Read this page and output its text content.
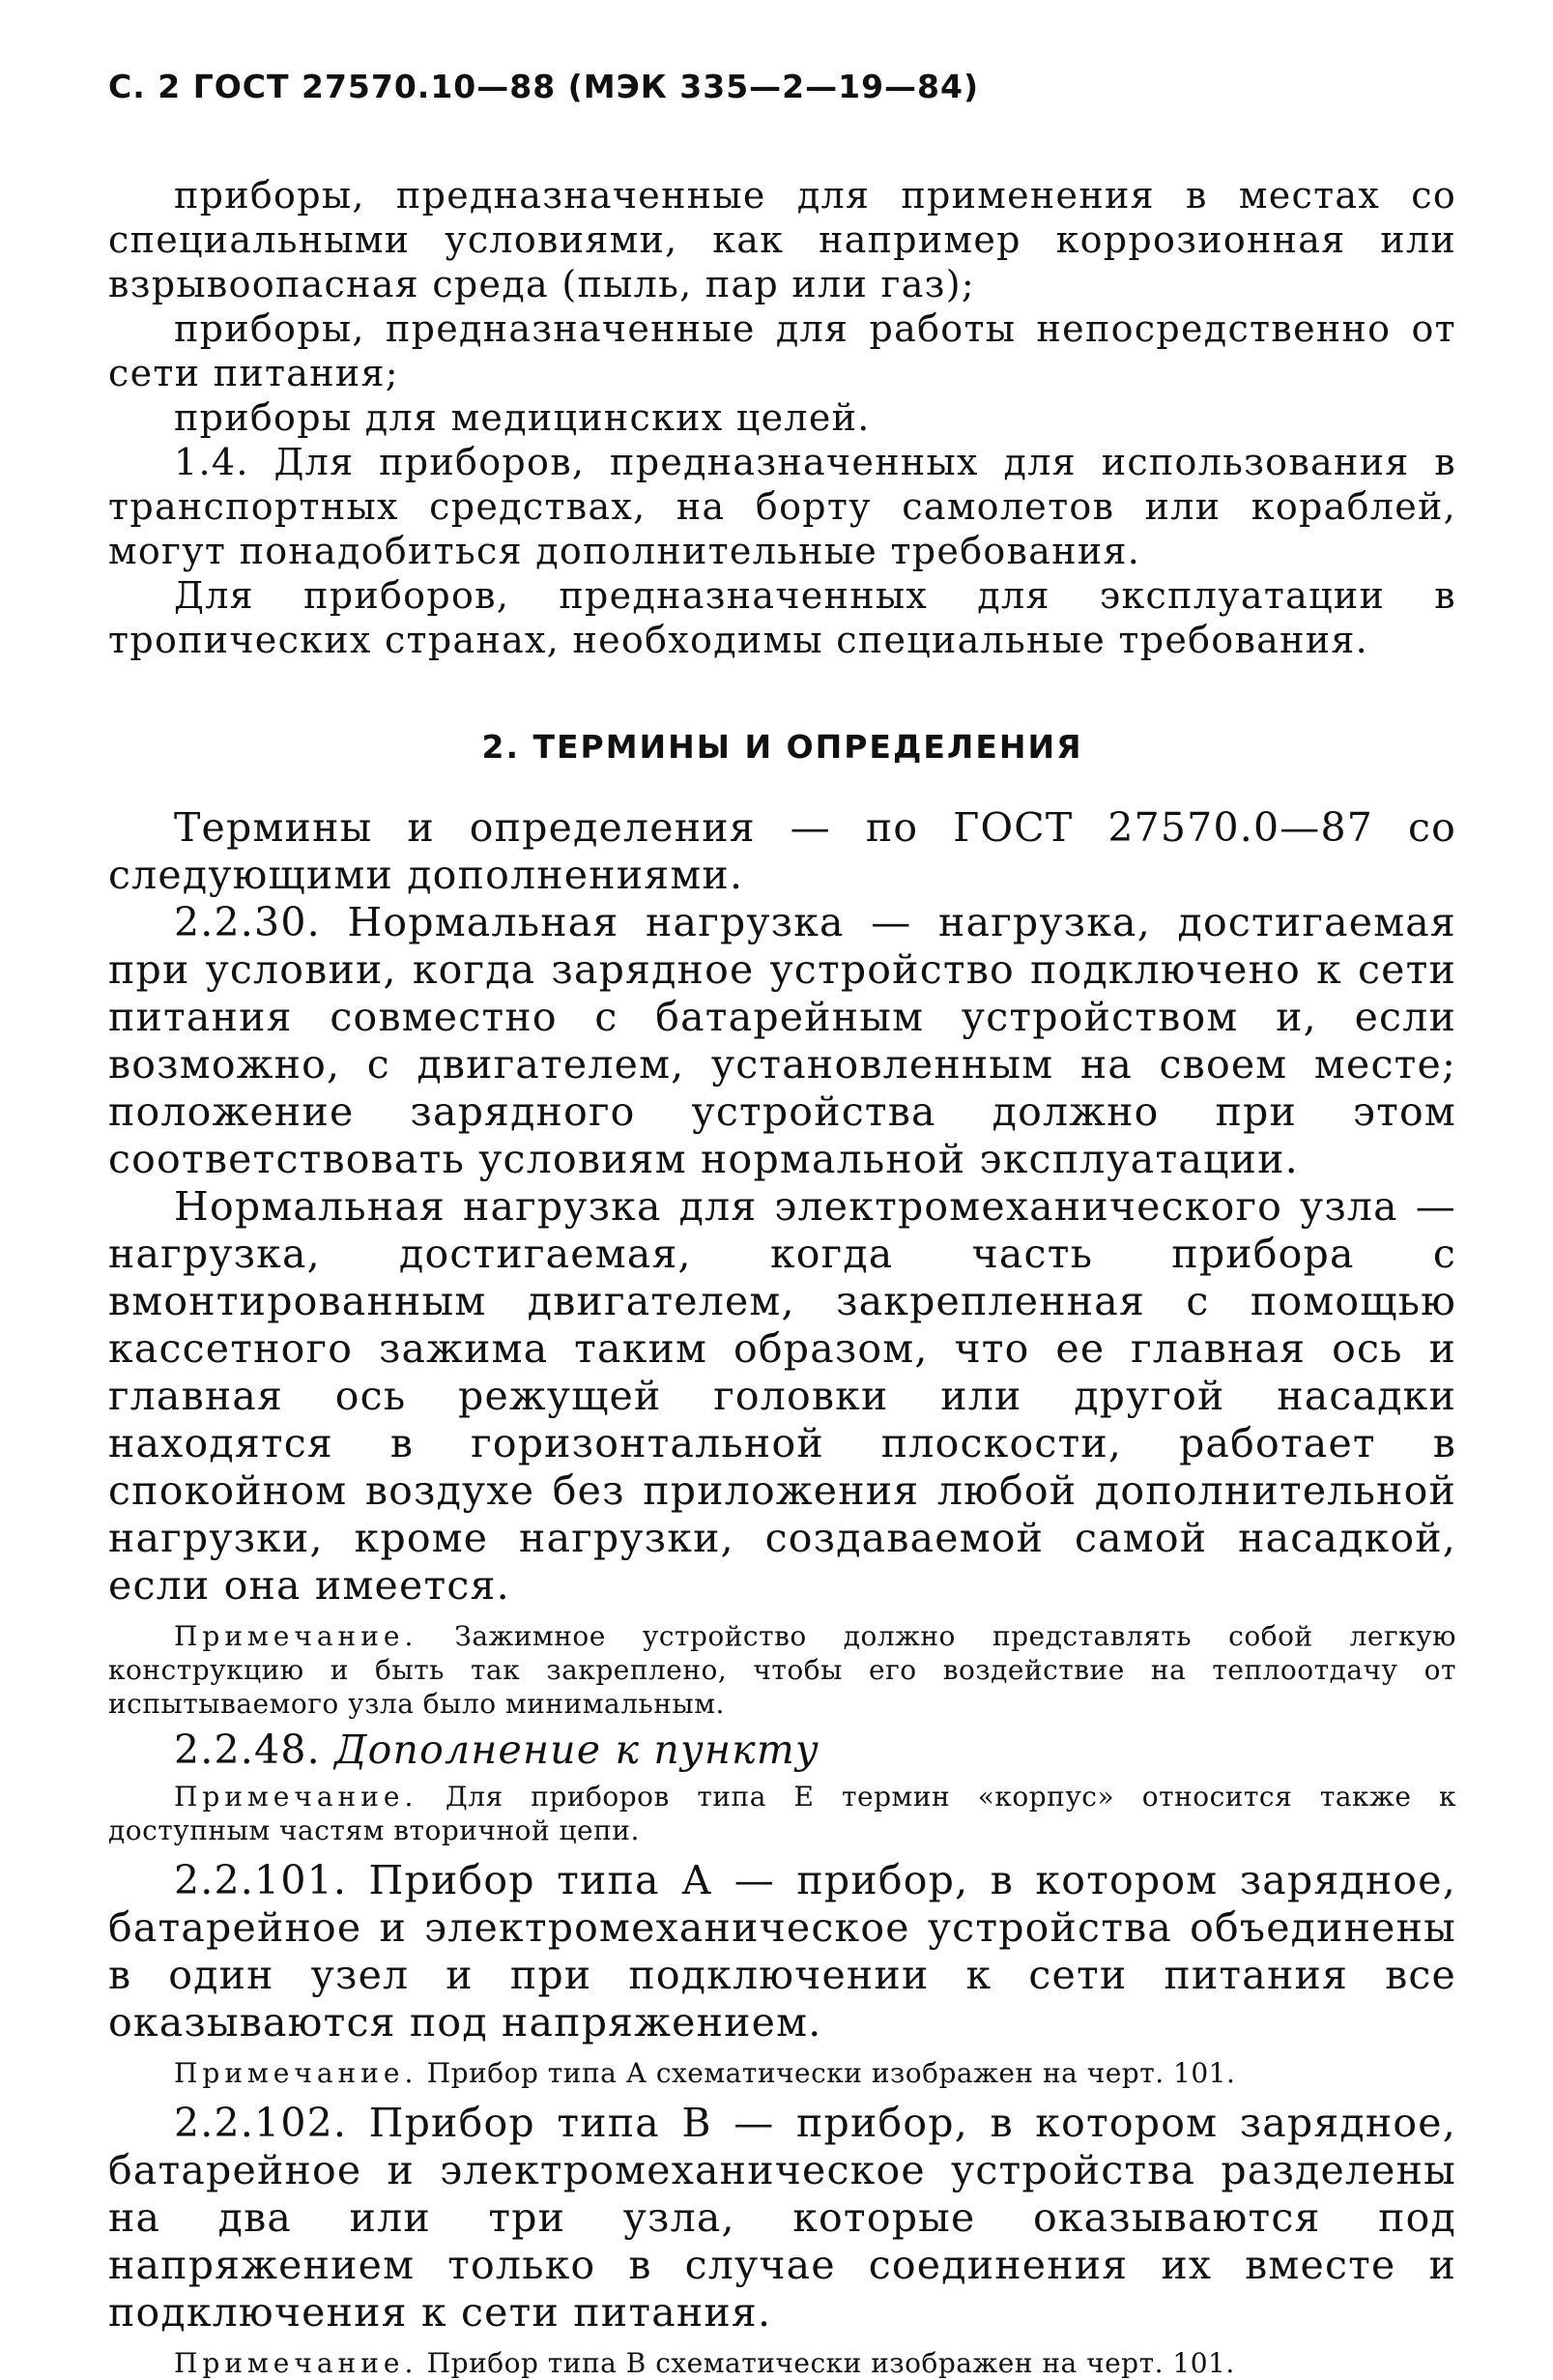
С. 2 ГОСТ 27570.10—88 (МЭК 335—2—19—84)

приборы, предназначенные для применения в местах со специальными условиями, как например коррозионная или взрывоопасная среда (пыль, пар или газ);

приборы, предназначенные для работы непосредственно от сети питания;

приборы для медицинских целей.

1.4. Для приборов, предназначенных для использования в транспортных средствах, на борту самолетов или кораблей, могут понадобиться дополнительные требования.

Для приборов, предназначенных для эксплуатации в тропических странах, необходимы специальные требования.

2. ТЕРМИНЫ И ОПРЕДЕЛЕНИЯ

Термины и определения — по ГОСТ 27570.0—87 со следующими дополнениями.

2.2.30. Нормальная нагрузка — нагрузка, достигаемая при условии, когда зарядное устройство подключено к сети питания совместно с батарейным устройством и, если возможно, с двигателем, установленным на своем месте; положение зарядного устройства должно при этом соответствовать условиям нормальной эксплуатации.

Нормальная нагрузка для электромеханического узла — нагрузка, достигаемая, когда часть прибора с вмонтированным двигателем, закрепленная с помощью кассетного зажима таким образом, что ее главная ось и главная ось режущей головки или другой насадки находятся в горизонтальной плоскости, работает в спокойном воздухе без приложения любой дополнительной нагрузки, кроме нагрузки, создаваемой самой насадкой, если она имеется.

Примечание. Зажимное устройство должно представлять собой легкую конструкцию и быть так закреплено, чтобы его воздействие на теплоотдачу от испытываемого узла было минимальным.

2.2.48. Дополнение к пункту

Примечание. Для приборов типа Е термин «корпус» относится также к доступным частям вторичной цепи.

2.2.101. Прибор типа А — прибор, в котором зарядное, батарейное и электромеханическое устройства объединены в один узел и при подключении к сети питания все оказываются под напряжением.

Примечание. Прибор типа А схематически изображен на черт. 101.

2.2.102. Прибор типа В — прибор, в котором зарядное, батарейное и электромеханическое устройства разделены на два или три узла, которые оказываются под напряжением только в случае соединения их вместе и подключения к сети питания.

Примечание. Прибор типа В схематически изображен на черт. 101.
